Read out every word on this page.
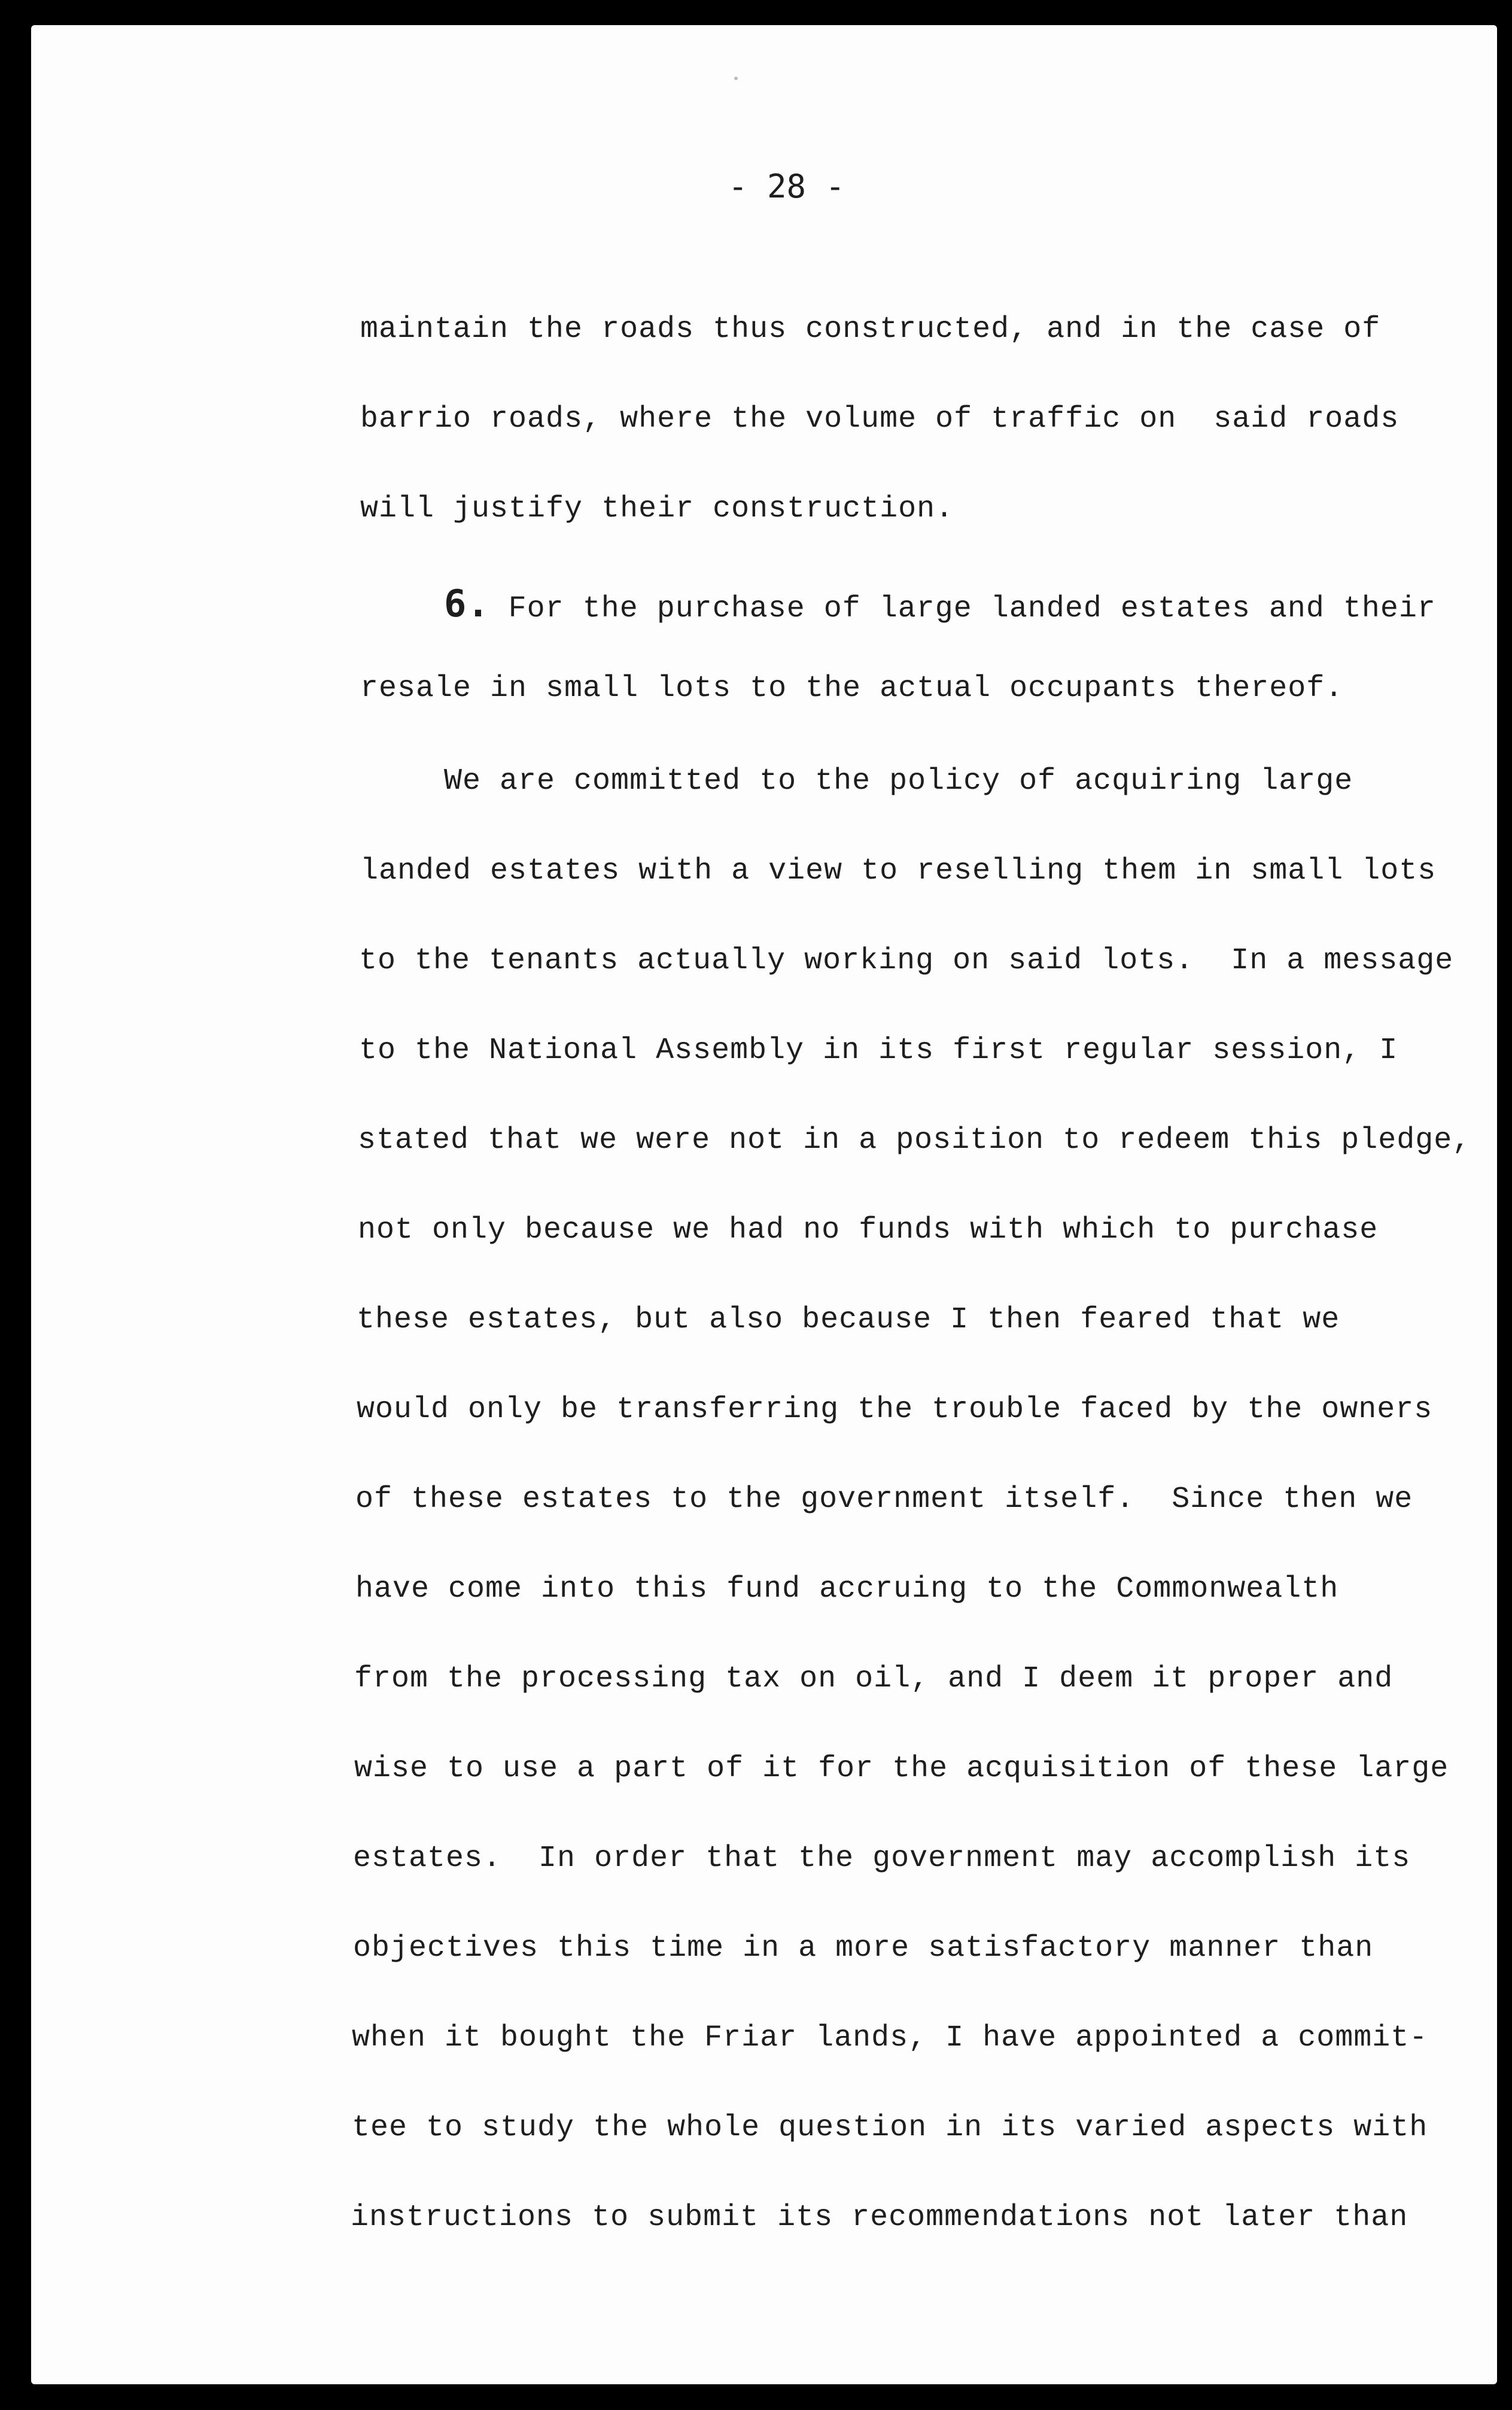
- 28 -
maintain the roads thus constructed, and in the case of
barrio roads, where the volume of traffic on  said roads
will justify their construction.
6. For the purchase of large landed estates and their
resale in small lots to the actual occupants thereof.
We are committed to the policy of acquiring large
landed estates with a view to reselling them in small lots
to the tenants actually working on said lots.  In a message
to the National Assembly in its first regular session, I
stated that we were not in a position to redeem this pledge,
not only because we had no funds with which to purchase
these estates, but also because I then feared that we
would only be transferring the trouble faced by the owners
of these estates to the government itself.  Since then we
have come into this fund accruing to the Commonwealth
from the processing tax on oil, and I deem it proper and
wise to use a part of it for the acquisition of these large
estates.  In order that the government may accomplish its
objectives this time in a more satisfactory manner than
when it bought the Friar lands, I have appointed a commit-
tee to study the whole question in its varied aspects with
instructions to submit its recommendations not later than
